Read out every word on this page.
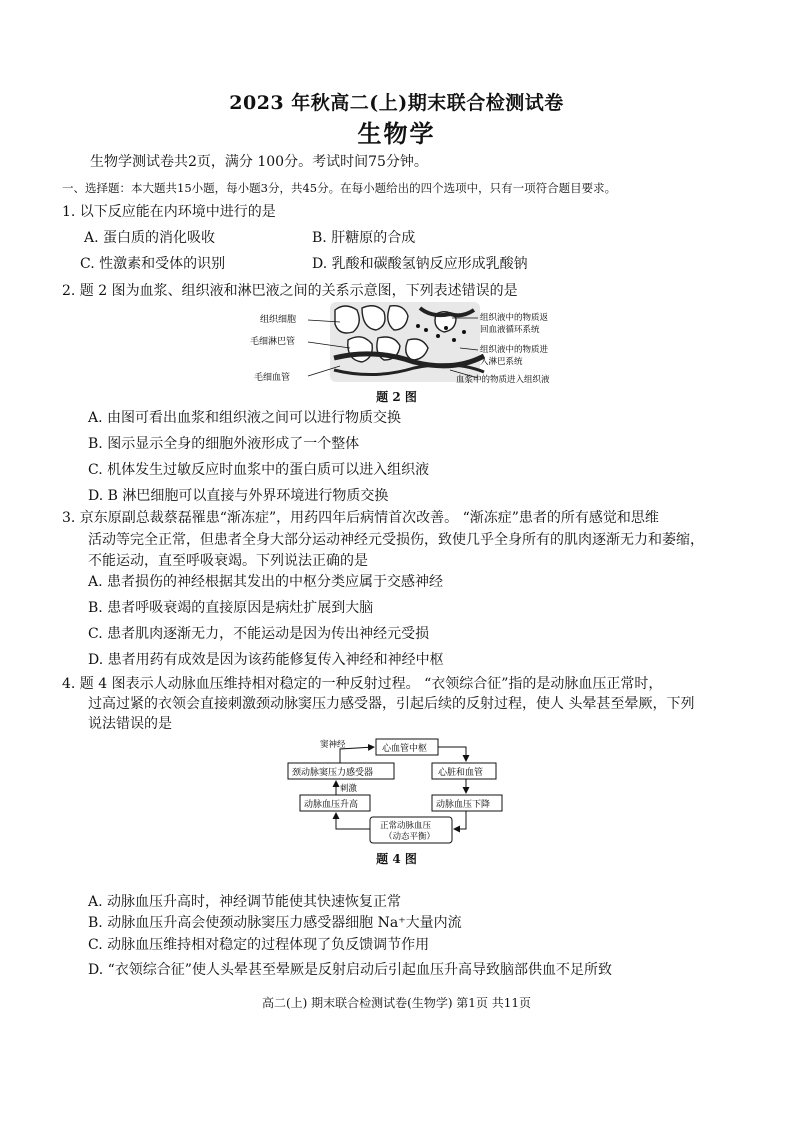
2023 年秋高二(上)期末联合检测试卷
生物学
生物学测试卷共2页，满分 100分。考试时间75分钟。
一、选择题：本大题共15小题，每小题3分，共45分。在每小题给出的四个选项中，只有一项符合题目要求。
1. 以下反应能在内环境中进行的是
A. 蛋白质的消化吸收	B. 肝糖原的合成
C. 性激素和受体的识别	D. 乳酸和碳酸氢钠反应形成乳酸钠
2. 题 2 图为血浆、组织液和淋巴液之间的关系示意图，下列表述错误的是
组织细胞
毛细淋巴管
毛细血管
组织液中的物质返
回血液循环系统
组织液中的物质进
入淋巴系统
血浆中的物质进入组织液
题 2 图
A. 由图可看出血浆和组织液之间可以进行物质交换
B. 图示显示全身的细胞外液形成了一个整体
C. 机体发生过敏反应时血浆中的蛋白质可以进入组织液
D. B 淋巴细胞可以直接与外界环境进行物质交换
3. 京东原副总裁蔡磊罹患“渐冻症”，用药四年后病情首次改善。 “渐冻症”患者的所有感觉和思维
活动等完全正常，但患者全身大部分运动神经元受损伤，致使几乎全身所有的肌肉逐渐无力和萎缩，
不能运动，直至呼吸衰竭。下列说法正确的是
A. 患者损伤的神经根据其发出的中枢分类应属于交感神经
B. 患者呼吸衰竭的直接原因是病灶扩展到大脑
C. 患者肌肉逐渐无力，不能运动是因为传出神经元受损
D. 患者用药有成效是因为该药能修复传入神经和神经中枢
4. 题 4 图表示人动脉血压维持相对稳定的一种反射过程。 “衣领综合征”指的是动脉血压正常时，
过高过紧的衣领会直接刺激颈动脉窦压力感受器，引起后续的反射过程，使人 头晕甚至晕厥，下列
说法错误的是
窦神经	心血管中枢
颈动脉窦压力感受器	心脏和血管
刺激
动脉血压升高	动脉血压下降
正常动脉血压
（动态平衡）
题 4 图
A. 动脉血压升高时，神经调节能使其快速恢复正常
B. 动脉血压升高会使颈动脉窦压力感受器细胞 Na⁺大量内流
C. 动脉血压维持相对稳定的过程体现了负反馈调节作用
D. “衣领综合征”使人头晕甚至晕厥是反射启动后引起血压升高导致脑部供血不足所致
高二(上) 期末联合检测试卷(生物学) 第1页 共11页
